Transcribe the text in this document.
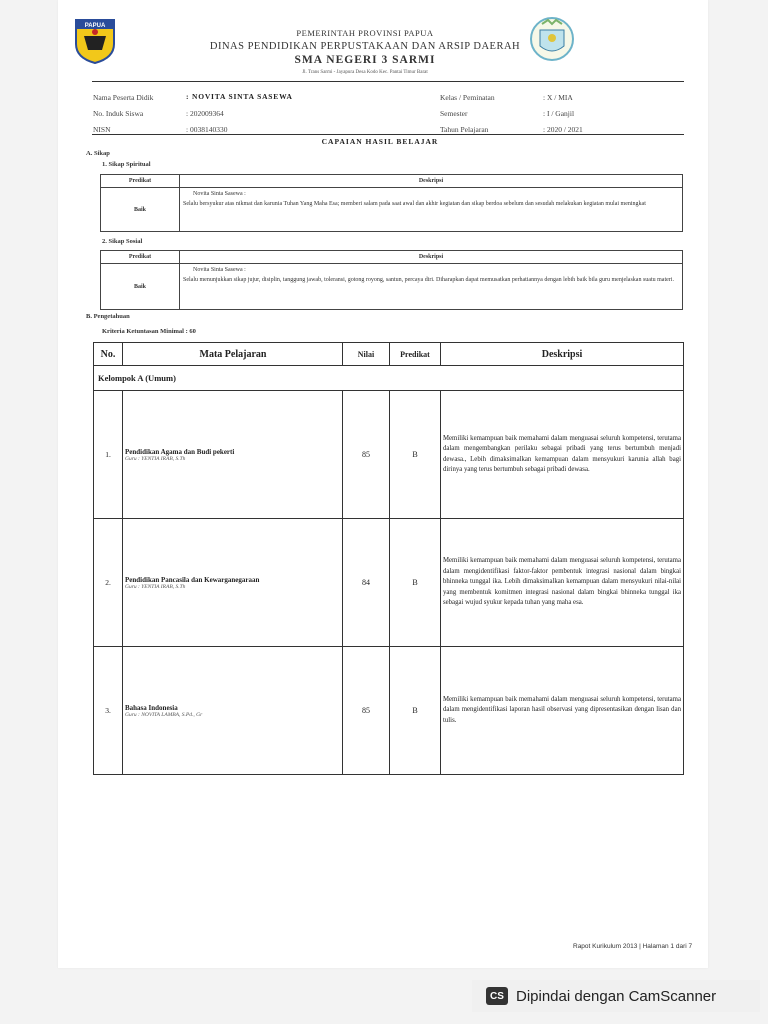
PAPUA
PEMERINTAH PROVINSI PAPUA
DINAS PENDIDIKAN PERPUSTAKAAN DAN ARSIP DAERAH
SMA NEGERI 3 SARMI
Jl. Trans Sarmi - Jayapura Desa Kodo Kec. Pantai Timur Barat
Nama Peserta Didik	: NOVITA SINTA SASEWA
No. Induk Siswa	: 202009364
NISN	: 0038140330
Kelas / Peminatan	: X / MIA
Semester	: I / Ganjil
Tahun Pelajaran	: 2020 / 2021
CAPAIAN HASIL BELAJAR
A. Sikap
1. Sikap Spiritual
Predikat	Deskripsi
Baik	Novita Sinta Sasewa :
Selalu bersyukur atas nikmat dan karunia Tuhan Yang Maha Esa; memberi salam pada saat awal dan akhir kegiatan dan sikap berdoa sebelum dan sesudah melakukan kegiatan mulai meningkat
2. Sikap Sosial
Predikat	Deskripsi
Baik	Novita Sinta Sasewa :
Selalu menunjukkan sikap jujur, disiplin, tanggung jawab, toleransi, gotong royong, santun, percaya diri. Diharapkan dapat memusatkan perhatiannya dengan lebih baik bila guru menjelaskan suatu materi.
B. Pengetahuan
Kriteria Ketuntasan Minimal : 60
No.	Mata Pelajaran	Nilai	Predikat	Deskripsi
Kelompok A (Umum)				
1.	Pendidikan Agama dan Budi pekerti
Guru : YENTIA IRAB, S.Th	85	B	Memiliki kemampuan baik memahami dalam menguasai seluruh kompetensi, terutama dalam mengembangkan perilaku sebagai pribadi yang terus bertumbuh menjadi dewasa., Lebih dimaksimalkan kemampuan dalam mensyukuri karunia allah bagi dirinya yang terus bertumbuh sebagai pribadi dewasa.
2.	Pendidikan Pancasila dan Kewarganegaraan
Guru : YENTIA IRAB, S.Th	84	B	Memiliki kemampuan baik memahami dalam menguasai seluruh kompetensi, terutama dalam mengidentifikasi faktor-faktor pembentuk integrasi nasional dalam bingkai bhinneka tunggal ika. Lebih dimaksimalkan kemampuan dalam mensyukuri nilai-nilai yang membentuk komitmen integrasi nasional dalam bingkai bhinneka tunggal ika sebagai wujud syukur kepada tuhan yang maha esa.
3.	Bahasa Indonesia
Guru : NOVITA LAMBA, S.Pd., Gr	85	B	Memiliki kemampuan baik memahami dalam menguasai seluruh kompetensi, terutama dalam mengidentifikasi laporan hasil observasi yang dipresentasikan dengan lisan dan tulis.
Rapot Kurikulum 2013 | Halaman 1 dari 7
CS Dipindai dengan CamScanner
